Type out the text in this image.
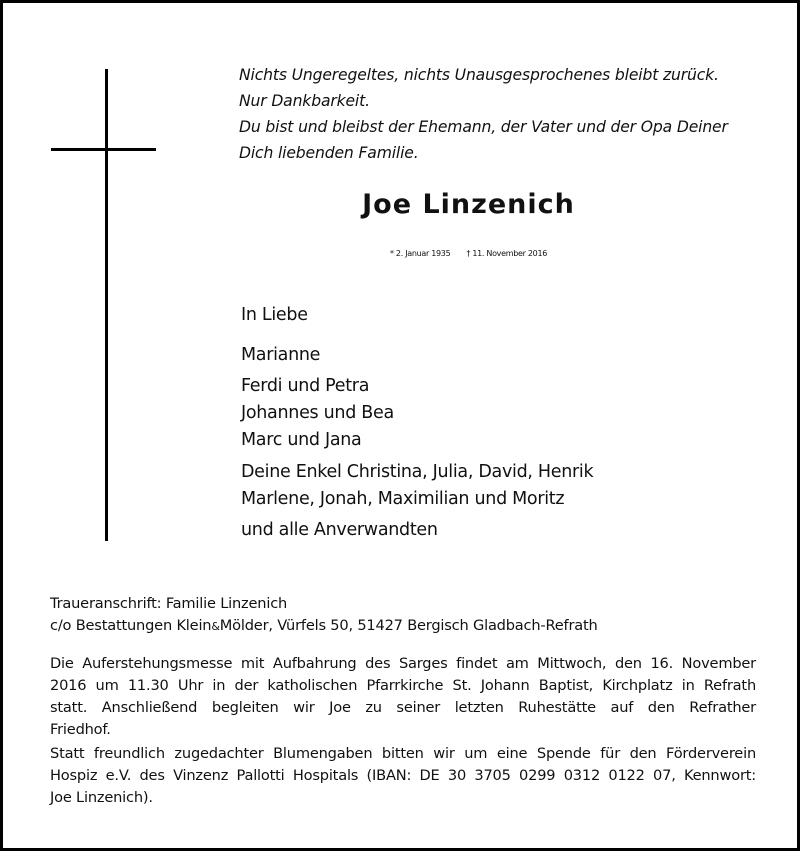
Nichts Ungeregeltes, nichts Unausgesprochenes bleibt zurück.
Nur Dankbarkeit.
Du bist und bleibst der Ehemann, der Vater und der Opa Deiner
Dich liebenden Familie.
Joe Linzenich
* 2. Januar 1935 † 11. November 2016
In Liebe
Marianne
Ferdi und Petra
Johannes und Bea
Marc und Jana
Deine Enkel Christina, Julia, David, Henrik
Marlene, Jonah, Maximilian und Moritz
und alle Anverwandten
Traueranschrift: Familie Linzenich
c/o Bestattungen Klein&Mölder, Vürfels 50, 51427 Bergisch Gladbach-Refrath
Die Auferstehungsmesse mit Aufbahrung des Sarges findet am Mittwoch, den 16. November
2016 um 11.30 Uhr in der katholischen Pfarrkirche St. Johann Baptist, Kirchplatz in Refrath
statt. Anschließend begleiten wir Joe zu seiner letzten Ruhestätte auf den Refrather
Friedhof.
Statt freundlich zugedachter Blumengaben bitten wir um eine Spende für den Förderverein
Hospiz e.V. des Vinzenz Pallotti Hospitals (IBAN: DE 30 3705 0299 0312 0122 07, Kennwort:
Joe Linzenich).
